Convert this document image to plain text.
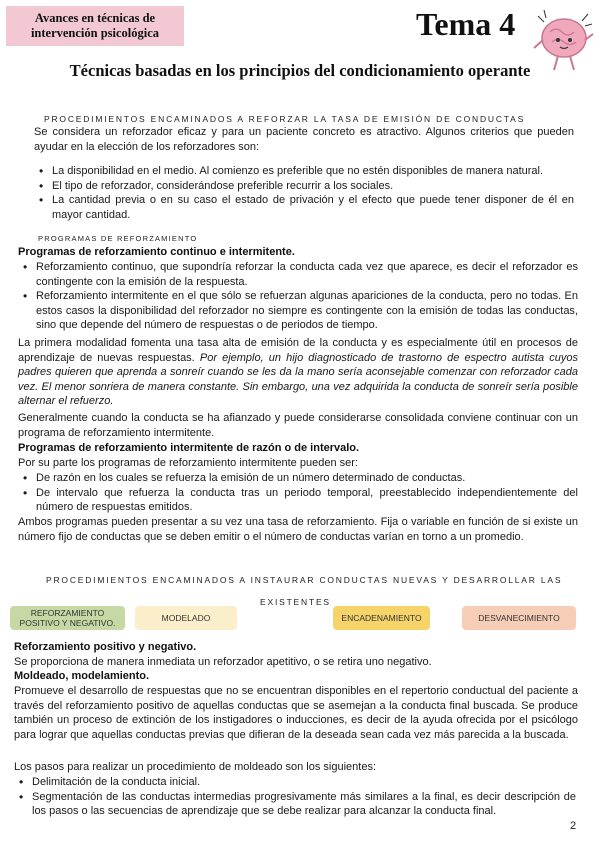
Avances en técnicas de intervención psicológica	Tema 4
Técnicas basadas en los principios del condicionamiento operante
PROCEDIMIENTOS ENCAMINADOS A REFORZAR LA TASA DE EMISIÓN DE CONDUCTAS
Se considera un reforzador eficaz y para un paciente concreto es atractivo. Algunos criterios que pueden ayudar en la elección de los reforzadores son:
• La disponibilidad en el medio. Al comienzo es preferible que no estén disponibles de manera natural.
• El tipo de reforzador, considerándose preferible recurrir a los sociales.
• La cantidad previa o en su caso el estado de privación y el efecto que puede tener disponer de él en mayor cantidad.
PROGRAMAS DE REFORZAMIENTO
Programas de reforzamiento continuo e intermitente.
• Reforzamiento continuo, que supondría reforzar la conducta cada vez que aparece, es decir el reforzador es contingente con la emisión de la respuesta.
• Reforzamiento intermitente en el que sólo se refuerzan algunas apariciones de la conducta, pero no todas. En estos casos la disponibilidad del reforzador no siempre es contingente con la emisión de todas las conductas, sino que depende del número de respuestas o de periodos de tiempo.
La primera modalidad fomenta una tasa alta de emisión de la conducta y es especialmente útil en procesos de aprendizaje de nuevas respuestas. Por ejemplo, un hijo diagnosticado de trastorno de espectro autista cuyos padres quieren que aprenda a sonreír cuando se les da la mano sería aconsejable comenzar con reforzador cada vez. El menor sonriera de manera constante. Sin embargo, una vez adquirida la conducta de sonreír sería posible alternar el refuerzo.
Generalmente cuando la conducta se ha afianzado y puede considerarse consolidada conviene continuar con un programa de reforzamiento intermitente.
Programas de reforzamiento intermitente de razón o de intervalo.
Por su parte los programas de reforzamiento intermitente pueden ser:
• De razón en los cuales se refuerza la emisión de un número determinado de conductas.
• De intervalo que refuerza la conducta tras un periodo temporal, preestablecido independientemente del número de respuestas emitidos.
Ambos programas pueden presentar a su vez una tasa de reforzamiento. Fija o variable en función de si existe un número fijo de conductas que se deben emitir o el número de conductas varían en torno a un promedio.
PROCEDIMIENTOS ENCAMINADOS A INSTAURAR CONDUCTAS NUEVAS Y DESARROLLAR LAS
EXISTENTES
REFORZAMIENTO POSITIVO Y NEGATIVO.	MODELADO	ENCADENAMIENTO	DESVANECIMIENTO
Reforzamiento positivo y negativo.
Se proporciona de manera inmediata un reforzador apetitivo, o se retira uno negativo.
Moldeado, modelamiento.
Promueve el desarrollo de respuestas que no se encuentran disponibles en el repertorio conductual del paciente a través del reforzamiento positivo de aquellas conductas que se asemejan a la conducta final buscada. Se produce también un proceso de extinción de los instigadores o inducciones, es decir de la ayuda ofrecida por el psicólogo para lograr que aquellas conductas previas que difieran de la deseada sean cada vez más parecida a la buscada.
Los pasos para realizar un procedimiento de moldeado son los siguientes:
• Delimitación de la conducta inicial.
• Segmentación de las conductas intermedias progresivamente más similares a la final, es decir descripción de los pasos o las secuencias de aprendizaje que se debe realizar para alcanzar la conducta final.
2
